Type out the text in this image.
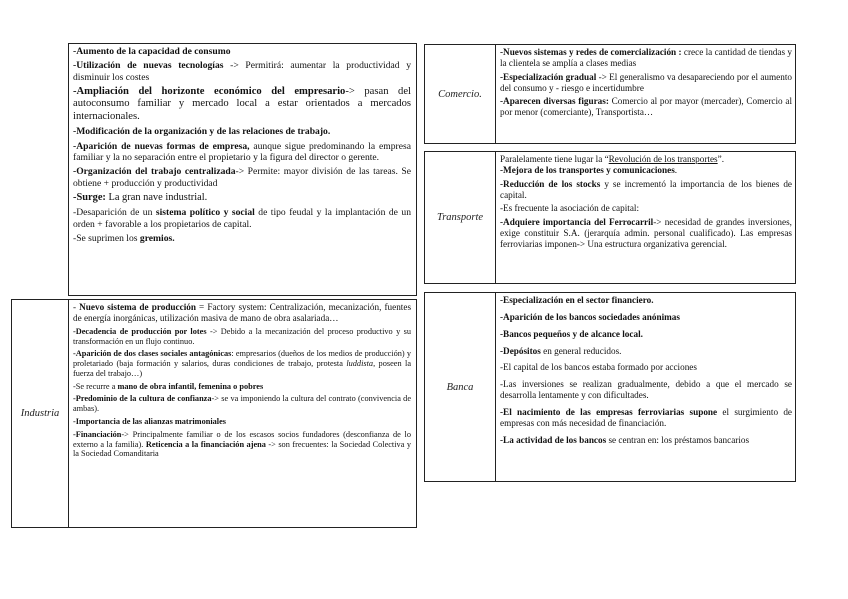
-Aumento de la capacidad de consumo

-Utilización de nuevas tecnologías -> Permitirá: aumentar la productividad y disminuir los costes

-Ampliación del horizonte económico del empresario-> pasan del autoconsumo familiar y mercado local a estar orientados a mercados internacionales.

-Modificación de la organización y de las relaciones de trabajo.

-Aparición de nuevas formas de empresa, aunque sigue predominando la empresa familiar y la no separación entre el propietario y la figura del director o gerente.

-Organización del trabajo centralizada-> Permite: mayor división de las tareas. Se obtiene + producción y productividad

-Surge: La gran nave industrial.

-Desaparición de un sistema político y social de tipo feudal y la implantación de un orden + favorable a los propietarios de capital.

-Se suprimen los gremios.

Industria

- Nuevo sistema de producción = Factory system: Centralización, mecanización, fuentes de energía inorgánicas, utilización masiva de mano de obra asalariada…

-Decadencia de producción por lotes -> Debido a la mecanización del proceso productivo y su transformación en un flujo continuo.

-Aparición de dos clases sociales antagónicas: empresarios (dueños de los medios de producción) y proletariado (baja formación y salarios, duras condiciones de trabajo, protesta luddista, poseen la fuerza del trabajo…)

-Se recurre a mano de obra infantil, femenina o pobres

-Predominio de la cultura de confianza-> se va imponiendo la cultura del contrato (convivencia de ambas).

-Importancia de las alianzas matrimoniales

-Financiación-> Principalmente familiar o de los escasos socios fundadores (desconfianza de lo externo a la familia). Reticencia a la financiación ajena -> son frecuentes: la Sociedad Colectiva y la Sociedad Comanditaria

Comercio.

-Nuevos sistemas y redes de comercialización : crece la cantidad de tiendas y la clientela se amplía a clases medias

-Especialización gradual -> El generalismo va desapareciendo por el aumento del consumo y - riesgo e incertidumbre

-Aparecen diversas figuras: Comercio al por mayor (mercader), Comercio al por menor (comerciante), Transportista…

Transporte

Paralelamente tiene lugar la “Revolución de los transportes”.

-Mejora de los transportes y comunicaciones.

-Reducción de los stocks y se incrementó la importancia de los bienes de capital.

-Es frecuente la asociación de capital:

-Adquiere importancia del Ferrocarril-> necesidad de grandes inversiones, exige constituir S.A. (jerarquía admin. personal cualificado). Las empresas ferroviarias imponen-> Una estructura organizativa gerencial.

Banca

-Especialización en el sector financiero.

-Aparición de los bancos sociedades anónimas

-Bancos pequeños y de alcance local.

-Depósitos en general reducidos.

-El capital de los bancos estaba formado por acciones

-Las inversiones se realizan gradualmente, debido a que el mercado se desarrolla lentamente y con dificultades.

-El nacimiento de las empresas ferroviarias supone el surgimiento de empresas con más necesidad de financiación.

-La actividad de los bancos se centran en: los préstamos bancarios
